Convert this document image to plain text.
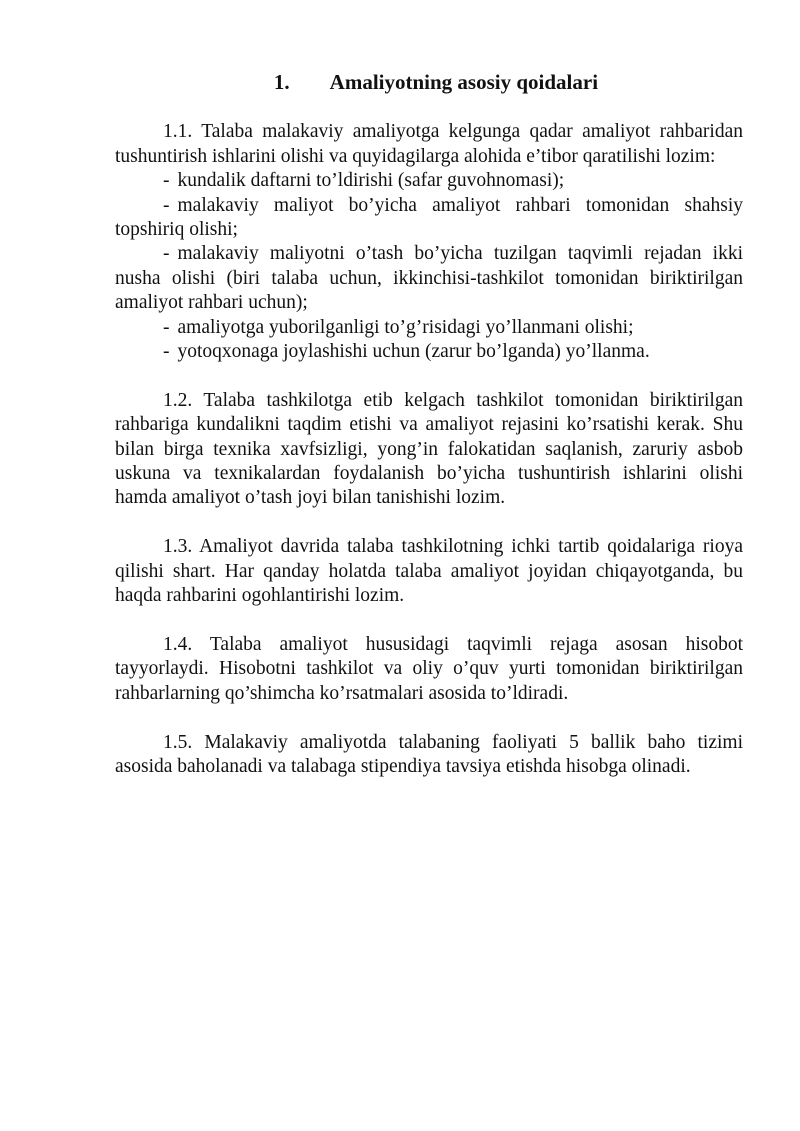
1. Amaliyotning asosiy qoidalari

1.1. Talaba malakaviy amaliyotga kelgunga qadar amaliyot rahbaridan tushuntirish ishlarini olishi va quyidagilarga alohida e’tibor qaratilishi lozim:

- kundalik daftarni to’ldirishi (safar guvohnomasi);

- malakaviy maliyot bo’yicha amaliyot rahbari tomonidan shahsiy topshiriq olishi;

- malakaviy maliyotni o’tash bo’yicha tuzilgan taqvimli rejadan ikki nusha olishi (biri talaba uchun, ikkinchisi-tashkilot tomonidan biriktirilgan amaliyot rahbari uchun);

- amaliyotga yuborilganligi to’g’risidagi yo’llanmani olishi;

- yotoqxonaga joylashishi uchun (zarur bo’lganda) yo’llanma.

1.2. Talaba tashkilotga etib kelgach tashkilot tomonidan biriktirilgan rahbariga kundalikni taqdim etishi va amaliyot rejasini ko’rsatishi kerak. Shu bilan birga texnika xavfsizligi, yong’in falokatidan saqlanish, zaruriy asbob uskuna va texnikalardan foydalanish bo’yicha tushuntirish ishlarini olishi hamda amaliyot o’tash joyi bilan tanishishi lozim.

1.3. Amaliyot davrida talaba tashkilotning ichki tartib qoidalariga rioya qilishi shart. Har qanday holatda talaba amaliyot joyidan chiqayotganda, bu haqda rahbarini ogohlantirishi lozim.

1.4. Talaba amaliyot hususidagi taqvimli rejaga asosan hisobot tayyorlaydi. Hisobotni tashkilot va oliy o’quv yurti tomonidan biriktirilgan rahbarlarning qo’shimcha ko’rsatmalari asosida to’ldiradi.

1.5. Malakaviy amaliyotda talabaning faoliyati 5 ballik baho tizimi asosida baholanadi va talabaga stipendiya tavsiya etishda hisobga olinadi.
